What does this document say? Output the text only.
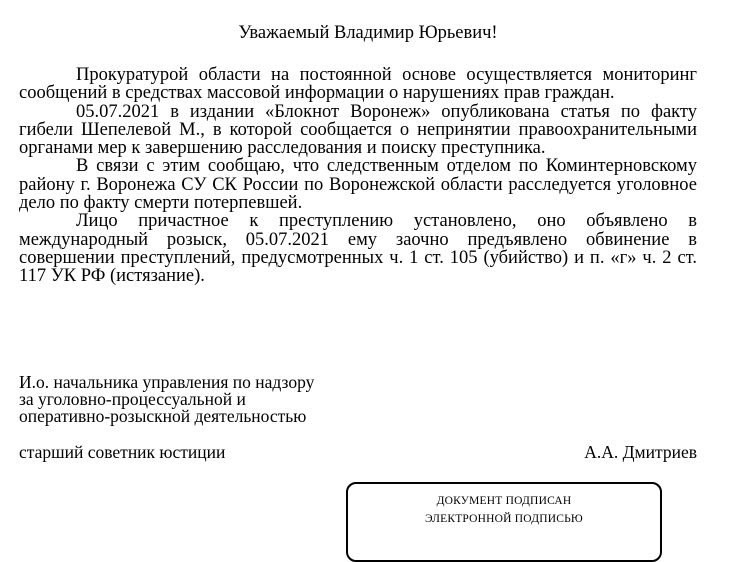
Уважаемый Владимир Юрьевич!

Прокуратурой области на постоянной основе осуществляется мониторинг сообщений в средствах массовой информации о нарушениях прав граждан.

05.07.2021 в издании «Блокнот Воронеж» опубликована статья по факту гибели Шепелевой М., в которой сообщается о непринятии правоохранительными органами мер к завершению расследования и поиску преступника.

В связи с этим сообщаю, что следственным отделом по Коминтерновскому району г. Воронежа СУ СК России по Воронежской области расследуется уголовное дело по факту смерти потерпевшей.

Лицо причастное к преступлению установлено, оно объявлено в международный розыск, 05.07.2021 ему заочно предъявлено обвинение в совершении преступлений, предусмотренных ч. 1 ст. 105 (убийство) и п. «г» ч. 2 ст. 117 УК РФ (истязание).

И.о. начальника управления по надзору
за уголовно-процессуальной и
оперативно-розыскной деятельностью
старший советник юстиции	А.А. Дмитриев
ДОКУМЕНТ ПОДПИСАН
ЭЛЕКТРОННОЙ ПОДПИСЬЮ
